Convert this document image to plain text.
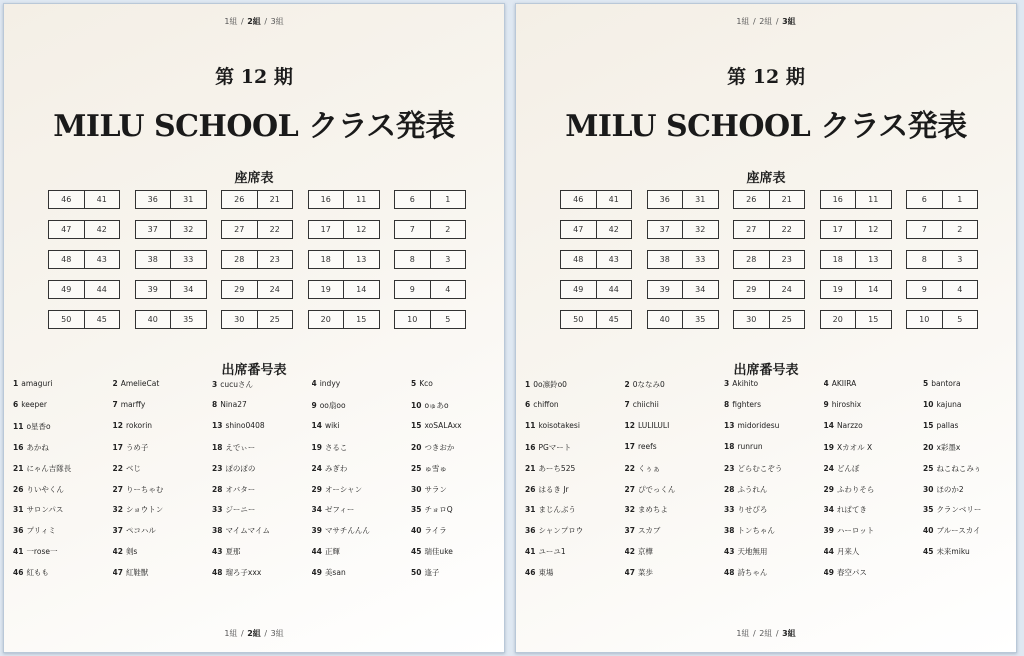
1組 / 2組 / 3組
第 12 期
MILU SCHOOL クラス発表
座席表
46	41	36	31	26	21	16	11	6	1
47	42	37	32	27	22	17	12	7	2
48	43	38	33	28	23	18	13	8	3
49	44	39	34	29	24	19	14	9	4
50	45	40	35	30	25	20	15	10	5
出席番号表
1 amaguri	2 AmelieCat	3 cucuさん	4 indyy	5 Kco
6 keeper	7 marffy	8 Nina27	9 oo扇oo	10 oゅあo
11 o星香o	12 rokorin	13 shino0408	14 wiki	15 xoSALAxx
16 あかね	17 うめ子	18 えでぃー	19 さるこ	20 つきおか
21 にゃん吉隊長	22 べじ	23 ぽのぽの	24 みぎわ	25 ゅ雪ゅ
26 りいやくん	27 りーちゃむ	28 オバター	29 オーシャン	30 サラン
31 サロンパス	32 ショウトン	33 ジーニー	34 ゼフィー	35 チョロQ
36 プリィミ	37 ペコハル	38 マイムマイム	39 マサチんんん	40 ライラ
41 一rose一	42 剣s	43 夏那	44 正輝	45 瑞佳uke
46 紅もも	47 紅鞋獸	48 瑠ろ子xxx	49 美san	50 逢子
1組 / 2組 / 3組
1組 / 2組 / 3組
第 12 期
MILU SCHOOL クラス発表
座席表
46	41	36	31	26	21	16	11	6	1
47	42	37	32	27	22	17	12	7	2
48	43	38	33	28	23	18	13	8	3
49	44	39	34	29	24	19	14	9	4
50	45	40	35	30	25	20	15	10	5
出席番号表
1 0o凛鈴o0	2 0ななみ0	3 Akihito	4 AKIIRA	5 bantora
6 chiffon	7 chiichii	8 fighters	9 hiroshix	10 kajuna
11 koisotakesi	12 LULILULI	13 midoridesu	14 Narzzo	15 pallas
16 PGマート	17 reefs	18 runrun	19 Xカオル X	20 x彩墨x
21 あーち525	22 くぅぁ	23 どらむこぞう	24 どんぼ	25 ねこねこみぅ
26 はるき Jr	27 ぴでっくん	28 ふうれん	29 ふわりそら	30 ほのか2
31 まじんぶう	32 まめちよ	33 りせぴろ	34 れぱてき	35 クランベリー
36 シャンプロウ	37 スカブ	38 トンちゃん	39 ハーロット	40 ブルースカイ
41 ユーユ1	42 京樺	43 天地無用	44 月来人	45 未来miku
46 東場	47 菜歩	48 詩ちゃん	49 春空パス
1組 / 2組 / 3組
